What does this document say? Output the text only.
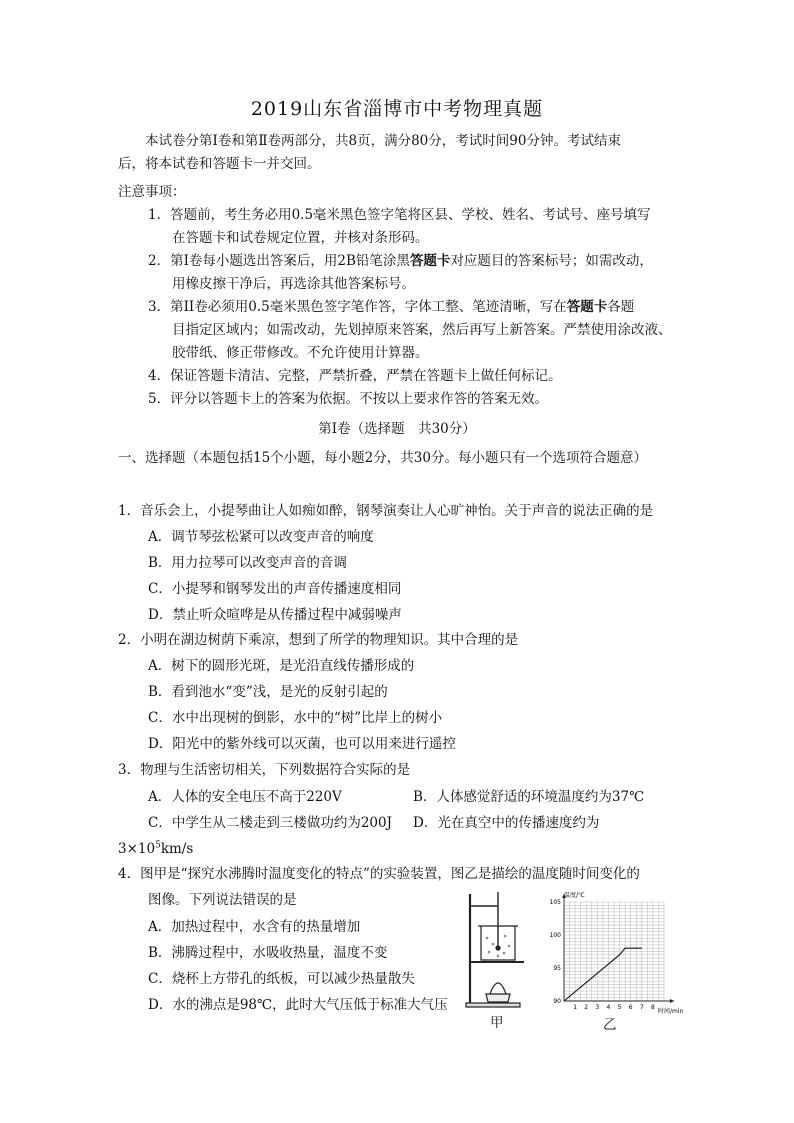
2019山东省淄博市中考物理真题
本试卷分第Ⅰ卷和第Ⅱ卷两部分，共8页，满分80分，考试时间90分钟。考试结束
后，将本试卷和答题卡一并交回。
注意事项：
1．答题前，考生务必用0.5毫米黑色签字笔将区县、学校、姓名、考试号、座号填写
在答题卡和试卷规定位置，并核对条形码。
2．第Ⅰ卷每小题选出答案后，用2B铅笔涂黑答题卡对应题目的答案标号；如需改动，
用橡皮擦干净后，再选涂其他答案标号。
3．第II卷必须用0.5毫米黑色签字笔作答，字体工整、笔迹清晰，写在答题卡各题
目指定区域内；如需改动，先划掉原来答案，然后再写上新答案。严禁使用涂改液、
胶带纸、修正带修改。不允许使用计算器。
4．保证答题卡清洁、完整，严禁折叠，严禁在答题卡上做任何标记。
5．评分以答题卡上的答案为依据。不按以上要求作答的答案无效。
第Ⅰ卷（选择题　共30分）
一、选择题（本题包括15个小题，每小题2分，共30分。每小题只有一个选项符合题意）
1．音乐会上，小提琴曲让人如痴如醉，钢琴演奏让人心旷神怡。关于声音的说法正确的是
A．调节琴弦松紧可以改变声音的响度
B．用力拉琴可以改变声音的音调
C．小提琴和钢琴发出的声音传播速度相同
D．禁止听众喧哗是从传播过程中减弱噪声
2．小明在湖边树荫下乘凉，想到了所学的物理知识。其中合理的是
A．树下的圆形光斑，是光沿直线传播形成的
B．看到池水“变”浅，是光的反射引起的
C．水中出现树的倒影，水中的“树”比岸上的树小
D．阳光中的紫外线可以灭菌，也可以用来进行遥控
3．物理与生活密切相关，下列数据符合实际的是
A．人体的安全电压不高于220V	B．人体感觉舒适的环境温度约为37℃
C．中学生从二楼走到三楼做功约为200J D．光在真空中的传播速度约为
$3\times 10^5km/s$
4．图甲是“探究水沸腾时温度变化的特点”的实验装置，图乙是描绘的温度随时间变化的
图像。下列说法错误的是
A．加热过程中，水含有的热量增加
B．沸腾过程中，水吸收热量，温度不变
C．烧杯上方带孔的纸板，可以减少热量散失
D．水的沸点是98℃，此时大气压低于标准大气压
甲
1 2 3 4 5 6 7 8
90
95
100
105
温度/℃
时间/min
乙
